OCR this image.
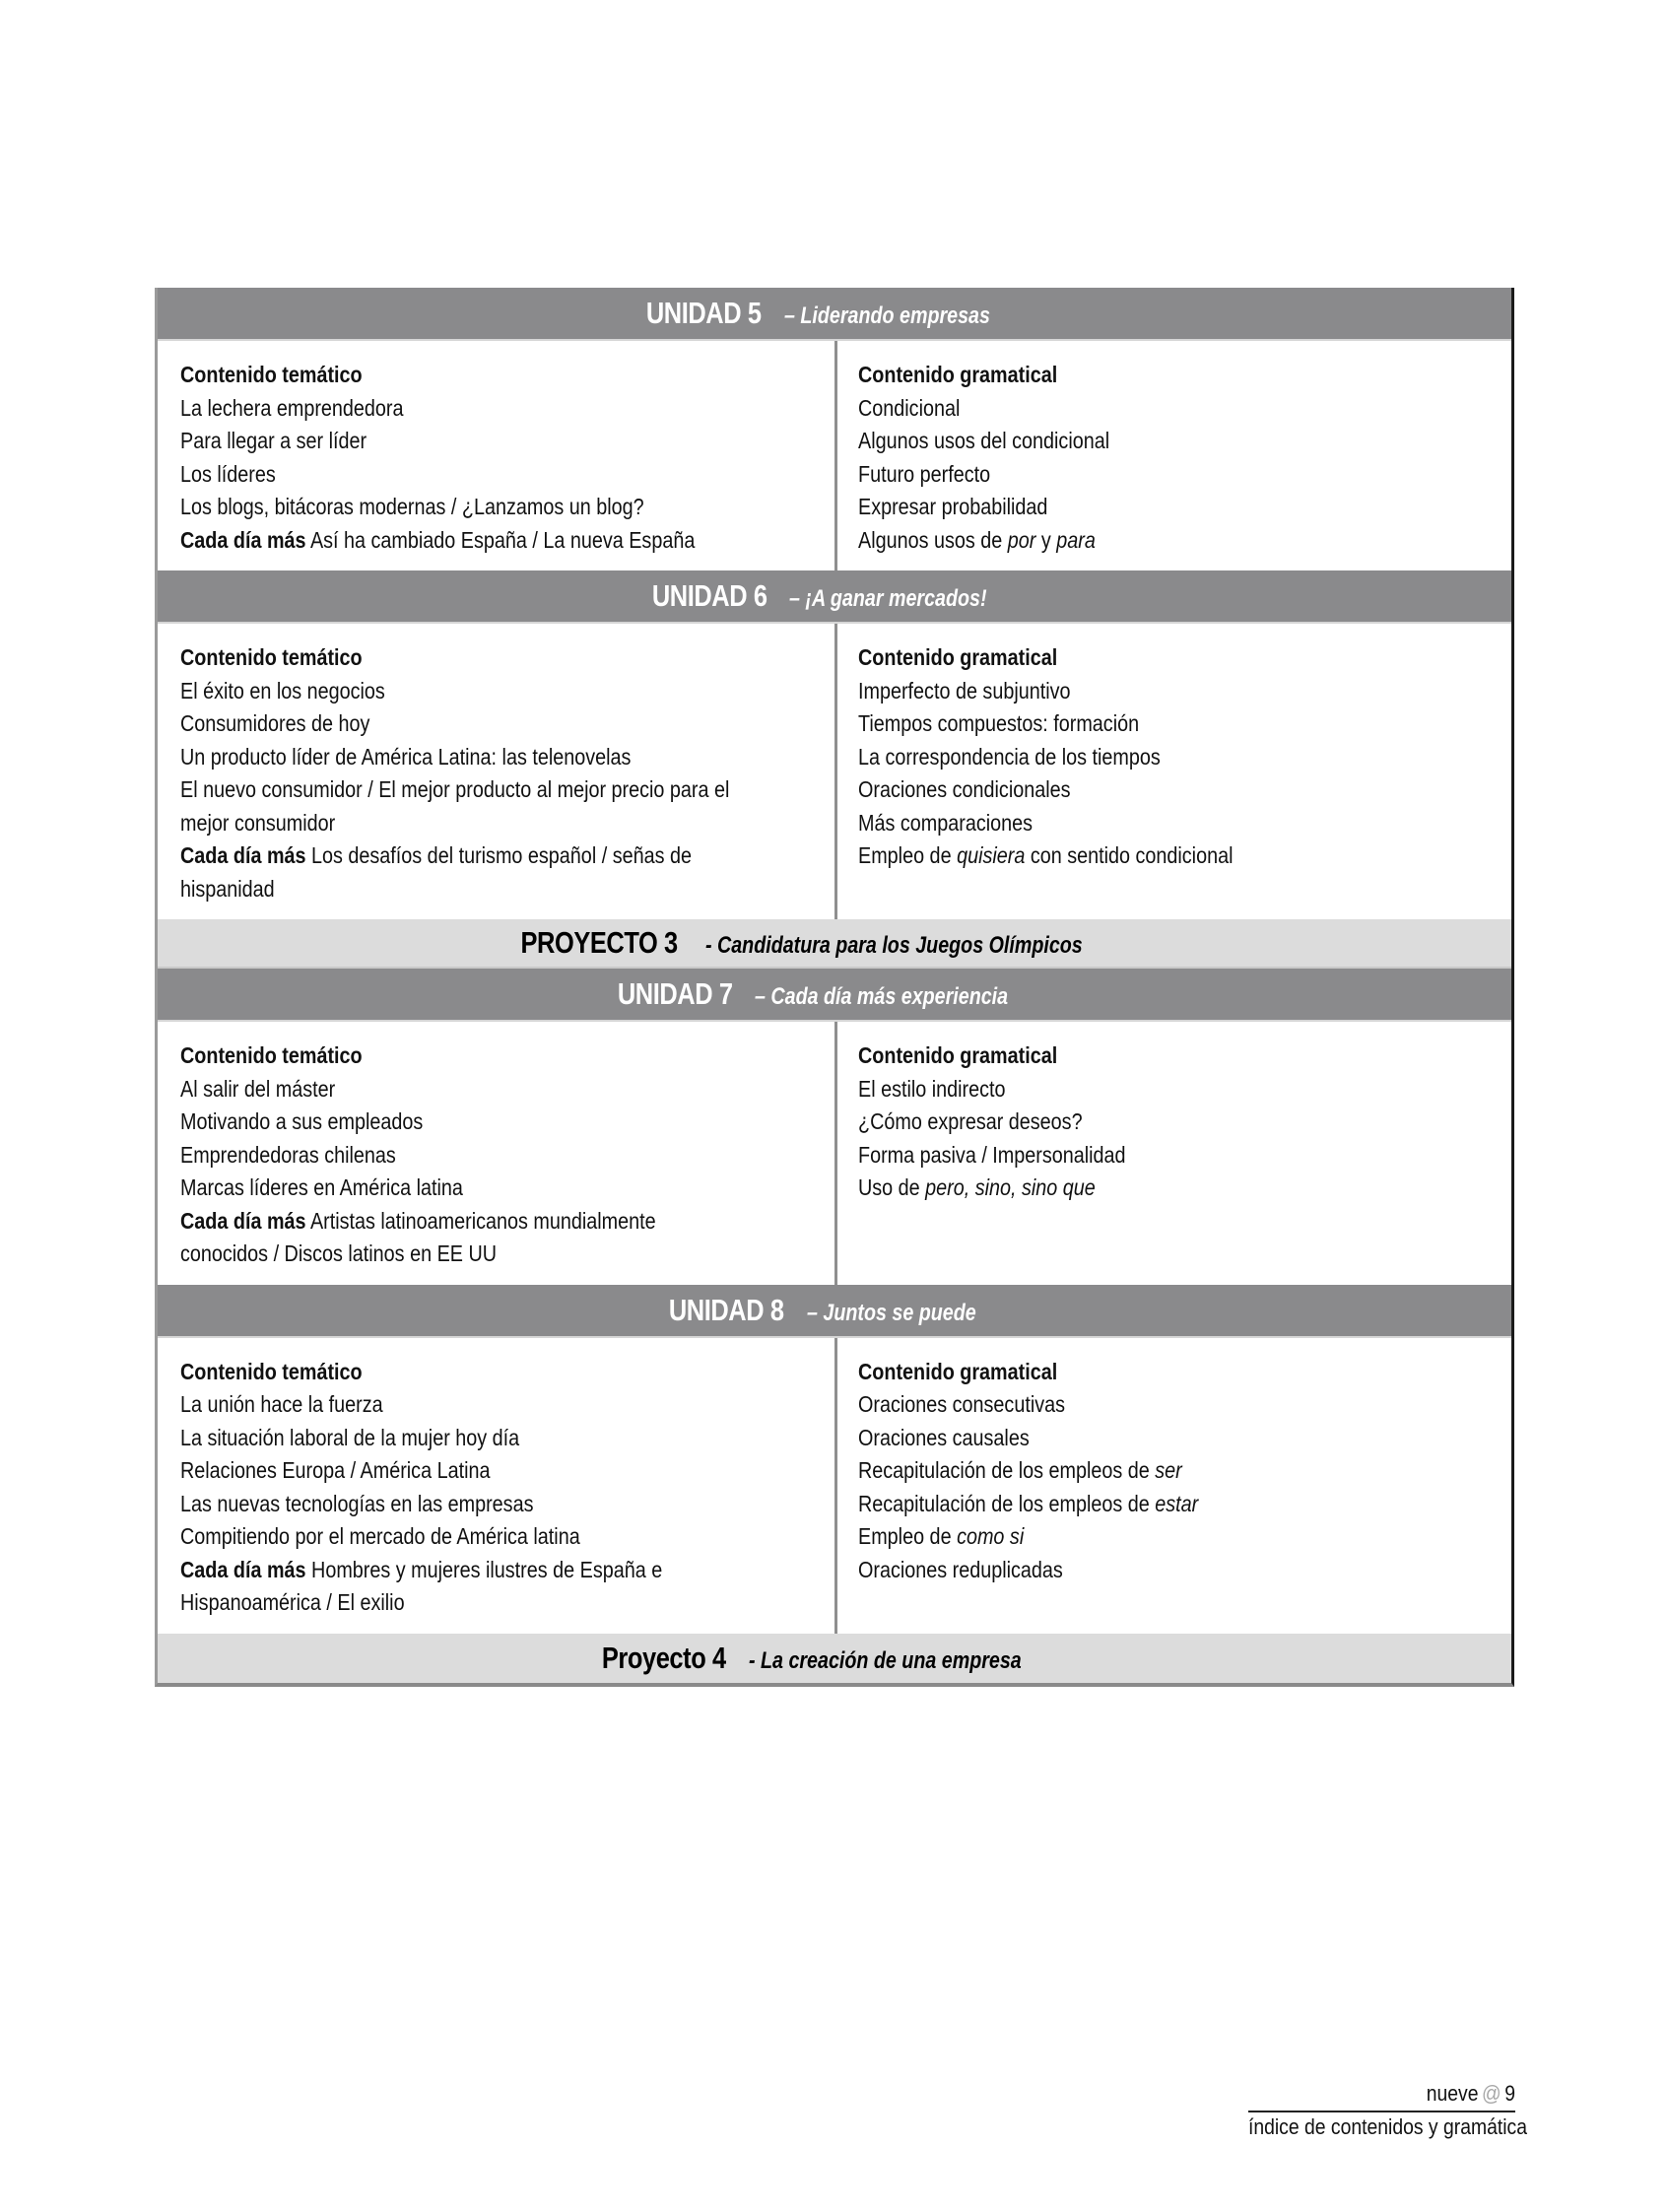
UNIDAD 5 – Liderando empresas
Contenido temático
La lechera emprendedora
Para llegar a ser líder
Los líderes
Los blogs, bitácoras modernas / ¿Lanzamos un blog?
Cada día más Así ha cambiado España / La nueva España
Contenido gramatical
Condicional
Algunos usos del condicional
Futuro perfecto
Expresar probabilidad
Algunos usos de por y para
UNIDAD 6 – ¡A ganar mercados!
Contenido temático
El éxito en los negocios
Consumidores de hoy
Un producto líder de América Latina: las telenovelas
El nuevo consumidor / El mejor producto al mejor precio para el
mejor consumidor
Cada día más Los desafíos del turismo español / señas de
hispanidad
Contenido gramatical
Imperfecto de subjuntivo
Tiempos compuestos: formación
La correspondencia de los tiempos
Oraciones condicionales
Más comparaciones
Empleo de quisiera con sentido condicional
PROYECTO 3 - Candidatura para los Juegos Olímpicos
UNIDAD 7 – Cada día más experiencia
Contenido temático
Al salir del máster
Motivando a sus empleados
Emprendedoras chilenas
Marcas líderes en América latina
Cada día más Artistas latinoamericanos mundialmente
conocidos / Discos latinos en EE UU
Contenido gramatical
El estilo indirecto
¿Cómo expresar deseos?
Forma pasiva / Impersonalidad
Uso de pero, sino, sino que
UNIDAD 8 – Juntos se puede
Contenido temático
La unión hace la fuerza
La situación laboral de la mujer hoy día
Relaciones Europa / América Latina
Las nuevas tecnologías en las empresas
Compitiendo por el mercado de América latina
Cada día más Hombres y mujeres ilustres de España e
Hispanoamérica / El exilio
Contenido gramatical
Oraciones consecutivas
Oraciones causales
Recapitulación de los empleos de ser
Recapitulación de los empleos de estar
Empleo de como si
Oraciones reduplicadas
Proyecto 4 - La creación de una empresa
nueve @ 9
índice de contenidos y gramática
